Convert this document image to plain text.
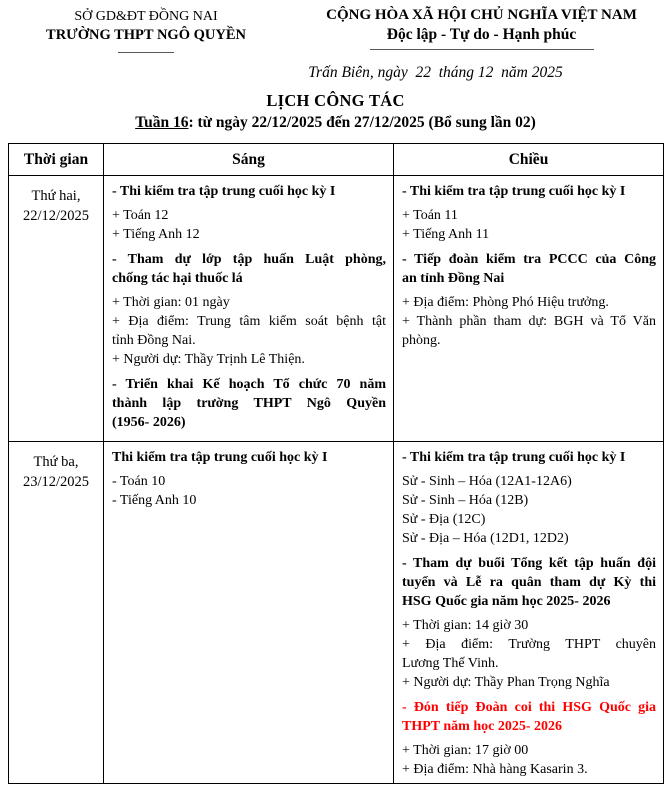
SỞ GD&ĐT ĐỒNG NAI
TRƯỜNG THPT NGÔ QUYỀN
CỘNG HÒA XÃ HỘI CHỦ NGHĨA VIỆT NAM
Độc lập - Tự do - Hạnh phúc
Trấn Biên, ngày  22  tháng 12  năm 2025
LỊCH CÔNG TÁC
Tuần 16: từ ngày 22/12/2025 đến 27/12/2025 (Bổ sung lần 02)
Thời gian	Sáng	Chiều

Thứ hai,
22/12/2025

- Thi kiểm tra tập trung cuối học kỳ I
+ Toán 12
+ Tiếng Anh 12
- Tham dự lớp tập huấn Luật phòng,
chống tác hại thuốc lá
+ Thời gian: 01 ngày
+ Địa điểm: Trung tâm kiểm soát bệnh tật
tỉnh Đồng Nai.
+ Người dự: Thầy Trịnh Lê Thiện.
- Triển khai Kế hoạch Tổ chức 70 năm
thành lập trường THPT Ngô Quyền
(1956- 2026)

- Thi kiểm tra tập trung cuối học kỳ I
+ Toán 11
+ Tiếng Anh 11
- Tiếp đoàn kiểm tra PCCC của Công
an tỉnh Đồng Nai
+ Địa điểm: Phòng Phó Hiệu trưởng.
+ Thành phần tham dự: BGH và Tổ Văn
phòng.

Thứ ba,
23/12/2025

Thi kiểm tra tập trung cuối học kỳ I
- Toán 10
- Tiếng Anh 10

- Thi kiểm tra tập trung cuối học kỳ I
Sử - Sinh – Hóa (12A1-12A6)
Sử - Sinh – Hóa (12B)
Sử - Địa (12C)
Sử - Địa – Hóa (12D1, 12D2)
- Tham dự buổi Tổng kết tập huấn đội
tuyển và Lễ ra quân tham dự Kỳ thi
HSG Quốc gia năm học 2025- 2026
+ Thời gian: 14 giờ 30
+ Địa điểm: Trường THPT chuyên
Lương Thế Vinh.
+ Người dự: Thầy Phan Trọng Nghĩa
- Đón tiếp Đoàn coi thi HSG Quốc gia
THPT năm học 2025- 2026
+ Thời gian: 17 giờ 00
+ Địa điểm: Nhà hàng Kasarin 3.
